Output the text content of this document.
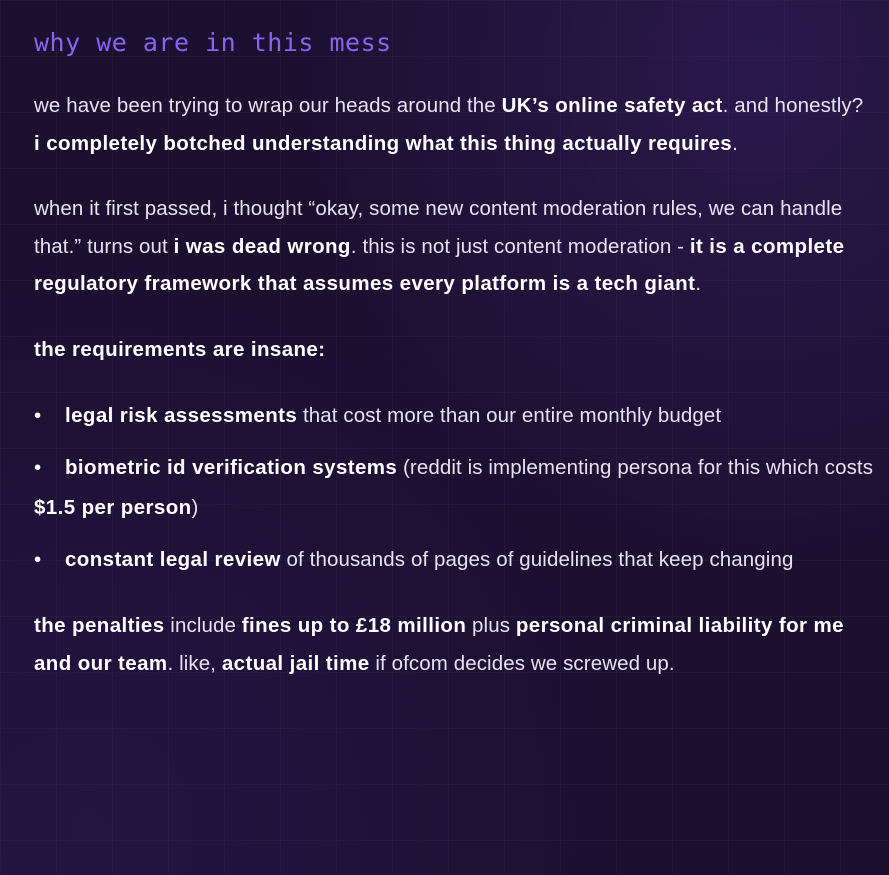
why we are in this mess

we have been trying to wrap our heads around the UK’s online safety act. and honestly? i completely botched understanding what this thing actually requires.

when it first passed, i thought “okay, some new content moderation rules, we can handle that.” turns out i was dead wrong. this is not just content moderation - it is a complete regulatory framework that assumes every platform is a tech giant.

the requirements are insane:

• legal risk assessments that cost more than our entire monthly budget
• biometric id verification systems (reddit is implementing persona for this which costs $1.5 per person)
• constant legal review of thousands of pages of guidelines that keep changing

the penalties include fines up to £18 million plus personal criminal liability for me and our team. like, actual jail time if ofcom decides we screwed up.
